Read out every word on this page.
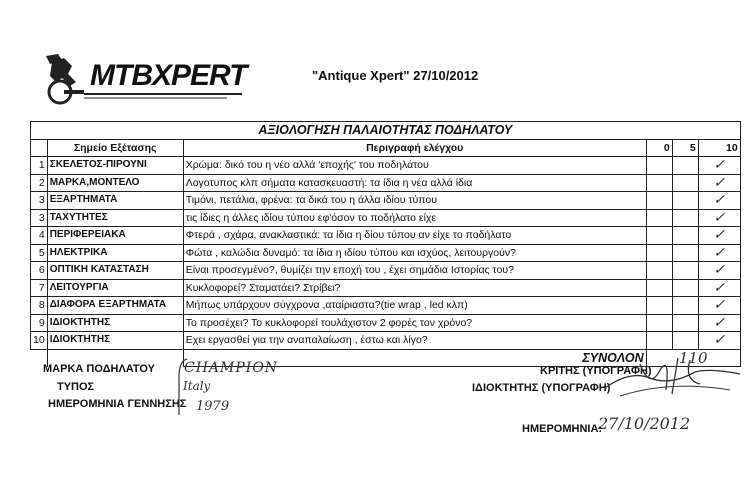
MTBXPERT	"Antique Xpert" 27/10/2012
ΑΞΙΟΛΟΓΗΣΗ ΠΑΛΑΙΟΤΗΤΑΣ ΠΟΔΗΛΑΤΟΥ					
	Σημείο Εξέτασης	Περιγραφή ελέγχου	0	5	10
1	ΣΚΕΛΕΤΟΣ-ΠΙΡΟΥΝΙ	Χρώμα: δικό του η νέο αλλά 'εποχής' του ποδηλάτου			✓
2	ΜΑΡΚΑ,ΜΟΝΤΕΛΟ	Λογοτυπος κλπ σήματα κατασκευαστή: τα ίδια η νέα αλλά ίδια			✓
3	ΕΞΑΡΤΗΜΑΤΑ	Τιμόνι, πετάλια, φρένα: τα δικά του η άλλα ιδίου τύπου			✓
3	ΤΑΧΥΤΗΤΕΣ	τις ίδιες η άλλες ιδίου τύπου εφ'όσον το ποδήλατο είχε			✓
4	ΠΕΡΙΦΕΡΕΙΑΚΑ	Φτερά , σχάρα, ανακλαστικά: τα ίδια η δίου τύπου αν είχε το ποδήλατο			✓
5	ΗΛΕΚΤΡΙΚΑ	Φώτα , καλώδια δυναμό: τα ίδια η ιδίου τύπου και ισχύος, λειτουργούν?			✓
6	ΟΠΤΙΚΗ ΚΑΤΑΣΤΑΣΗ	Είναι προσεγμένο?, θυμίζει την εποχή του , έχει σημάδια Ιστορίας του?			✓
7	ΛΕΙΤΟΥΡΓΙΑ	Κυκλοφορεί? Σταματάει? Στρίβει?			✓
8	ΔΙΑΦΟΡΑ ΕΞΑΡΤΗΜΑΤΑ	Μήπως υπάρχουν σύγχρονα ,αταίριαστα?(tie wrap , led κλπ)			✓
9	ΙΔΙΟΚΤΗΤΗΣ	Το προσέχει? Το κυκλοφορεί τουλάχιστον 2 φορές τον χρόνο?			✓
10	ΙΔΙΟΚΤΗΤΗΣ	Εχει εργασθεί για την αναπαλαίωση , έστω και λίγο?			✓
		ΣΥΝΟΛΟΝ	110		
ΜΑΡΚΑ ΠΟΔΗΛΑΤΟΥ
ΤΥΠΟΣ
ΗΜΕΡΟΜΗΝΙΑ ΓΕΝΝΗΣΗΣ
CHAMPION
Italy
1979
ΚΡΙΤΗΣ (ΥΠΟΓΡΑΦΗ)
ΙΔΙΟΚΤΗΤΗΣ (ΥΠΟΓΡΑΦΗ)
ΗΜΕΡΟΜΗΝΙΑ:
27/10/2012
